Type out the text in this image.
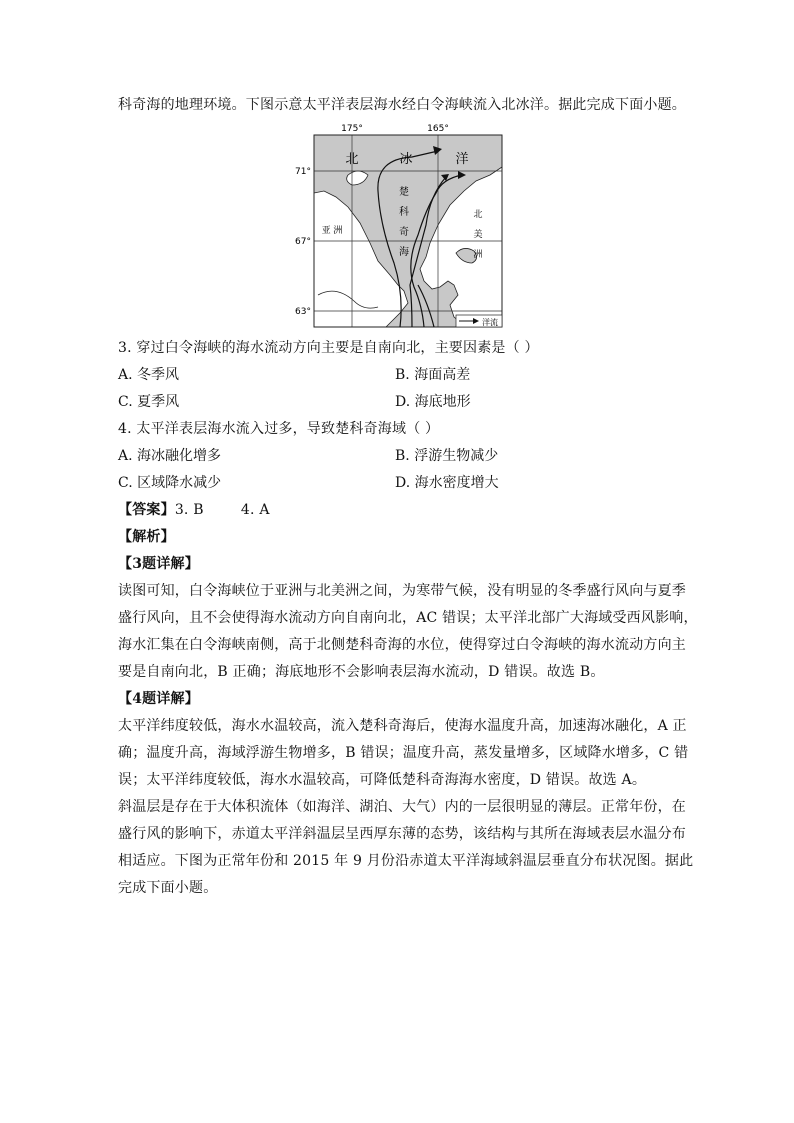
科奇海的地理环境。下图示意太平洋表层海水经白令海峡流入北冰洋。据此完成下面小题。
175°	165°
71°
67°
63°
北	冰	洋
楚
科
奇
海
亚 洲
北
美
洲
洋流
3. 穿过白令海峡的海水流动方向主要是自南向北，主要因素是（ ）
A. 冬季风	B. 海面高差
C. 夏季风	D. 海底地形
4. 太平洋表层海水流入过多，导致楚科奇海域（ ）
A. 海冰融化增多	B. 浮游生物减少
C. 区域降水减少	D. 海水密度增大
【答案】3. B        4. A
【解析】
【3题详解】
读图可知，白令海峡位于亚洲与北美洲之间，为寒带气候，没有明显的冬季盛行风向与夏季
盛行风向，且不会使得海水流动方向自南向北，AC 错误；太平洋北部广大海域受西风影响，
海水汇集在白令海峡南侧，高于北侧楚科奇海的水位，使得穿过白令海峡的海水流动方向主
要是自南向北，B 正确；海底地形不会影响表层海水流动，D 错误。故选 B。
【4题详解】
太平洋纬度较低，海水水温较高，流入楚科奇海后，使海水温度升高，加速海冰融化，A 正
确；温度升高，海域浮游生物增多，B 错误；温度升高，蒸发量增多，区域降水增多，C 错
误；太平洋纬度较低，海水水温较高，可降低楚科奇海海水密度，D 错误。故选 A。
斜温层是存在于大体积流体（如海洋、湖泊、大气）内的一层很明显的薄层。正常年份，在
盛行风的影响下，赤道太平洋斜温层呈西厚东薄的态势，该结构与其所在海域表层水温分布
相适应。下图为正常年份和 2015 年 9 月份沿赤道太平洋海域斜温层垂直分布状况图。据此
完成下面小题。
